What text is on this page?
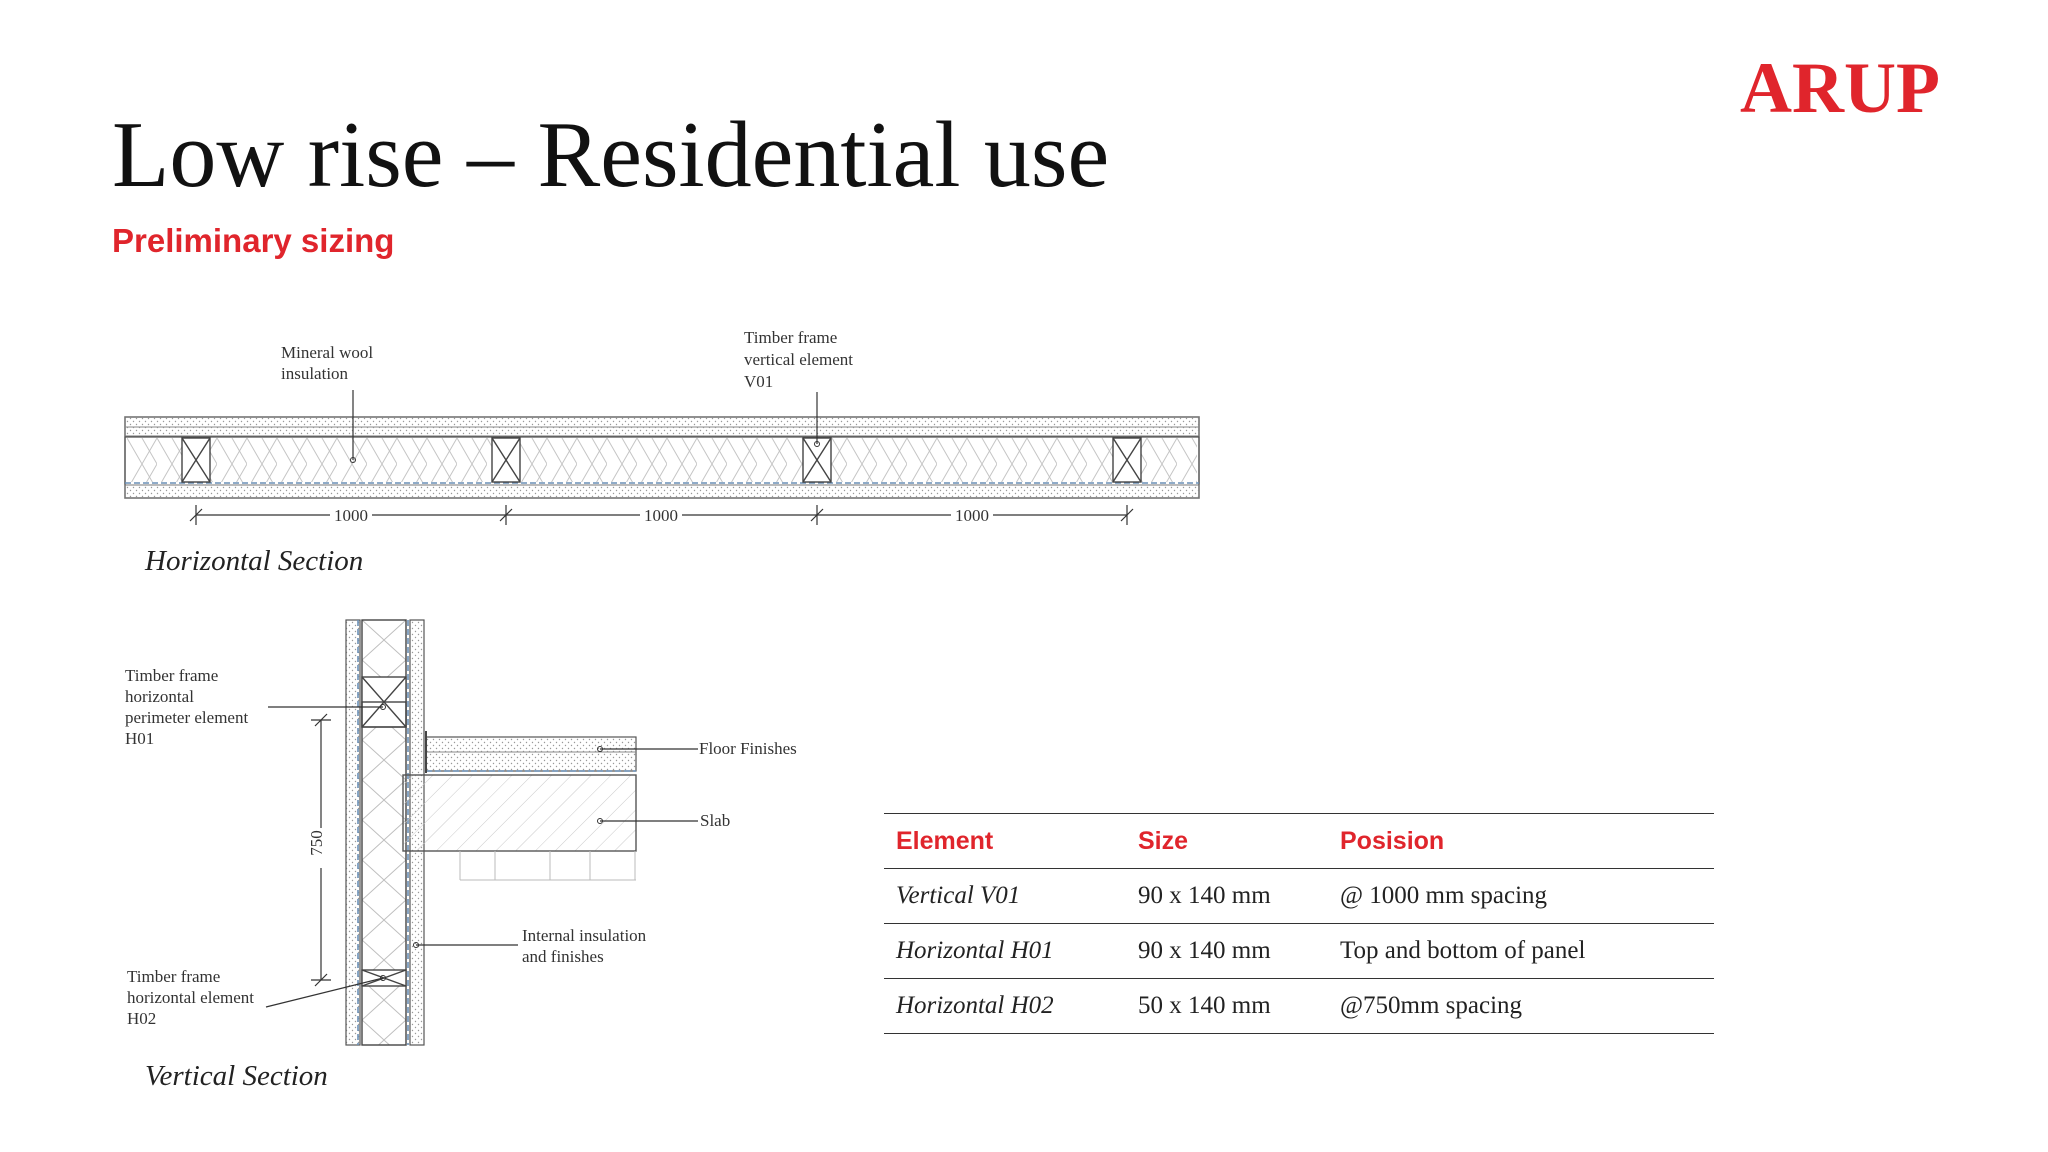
ARUP
Low rise – Residential use
Preliminary sizing
Mineral wool
insulation
Timber frame
vertical element
V01
1000	1000	1000
750
Timber frame
horizontal
perimeter element
H01
Timber frame
horizontal element
H02
Floor Finishes
Slab
Internal insulation
and finishes
Horizontal Section
Vertical Section
Element	Size	Posision
Vertical V01	90 x 140 mm	@ 1000 mm spacing
Horizontal H01	90 x 140 mm	Top and bottom of panel
Horizontal H02	50 x 140 mm	@750mm spacing
